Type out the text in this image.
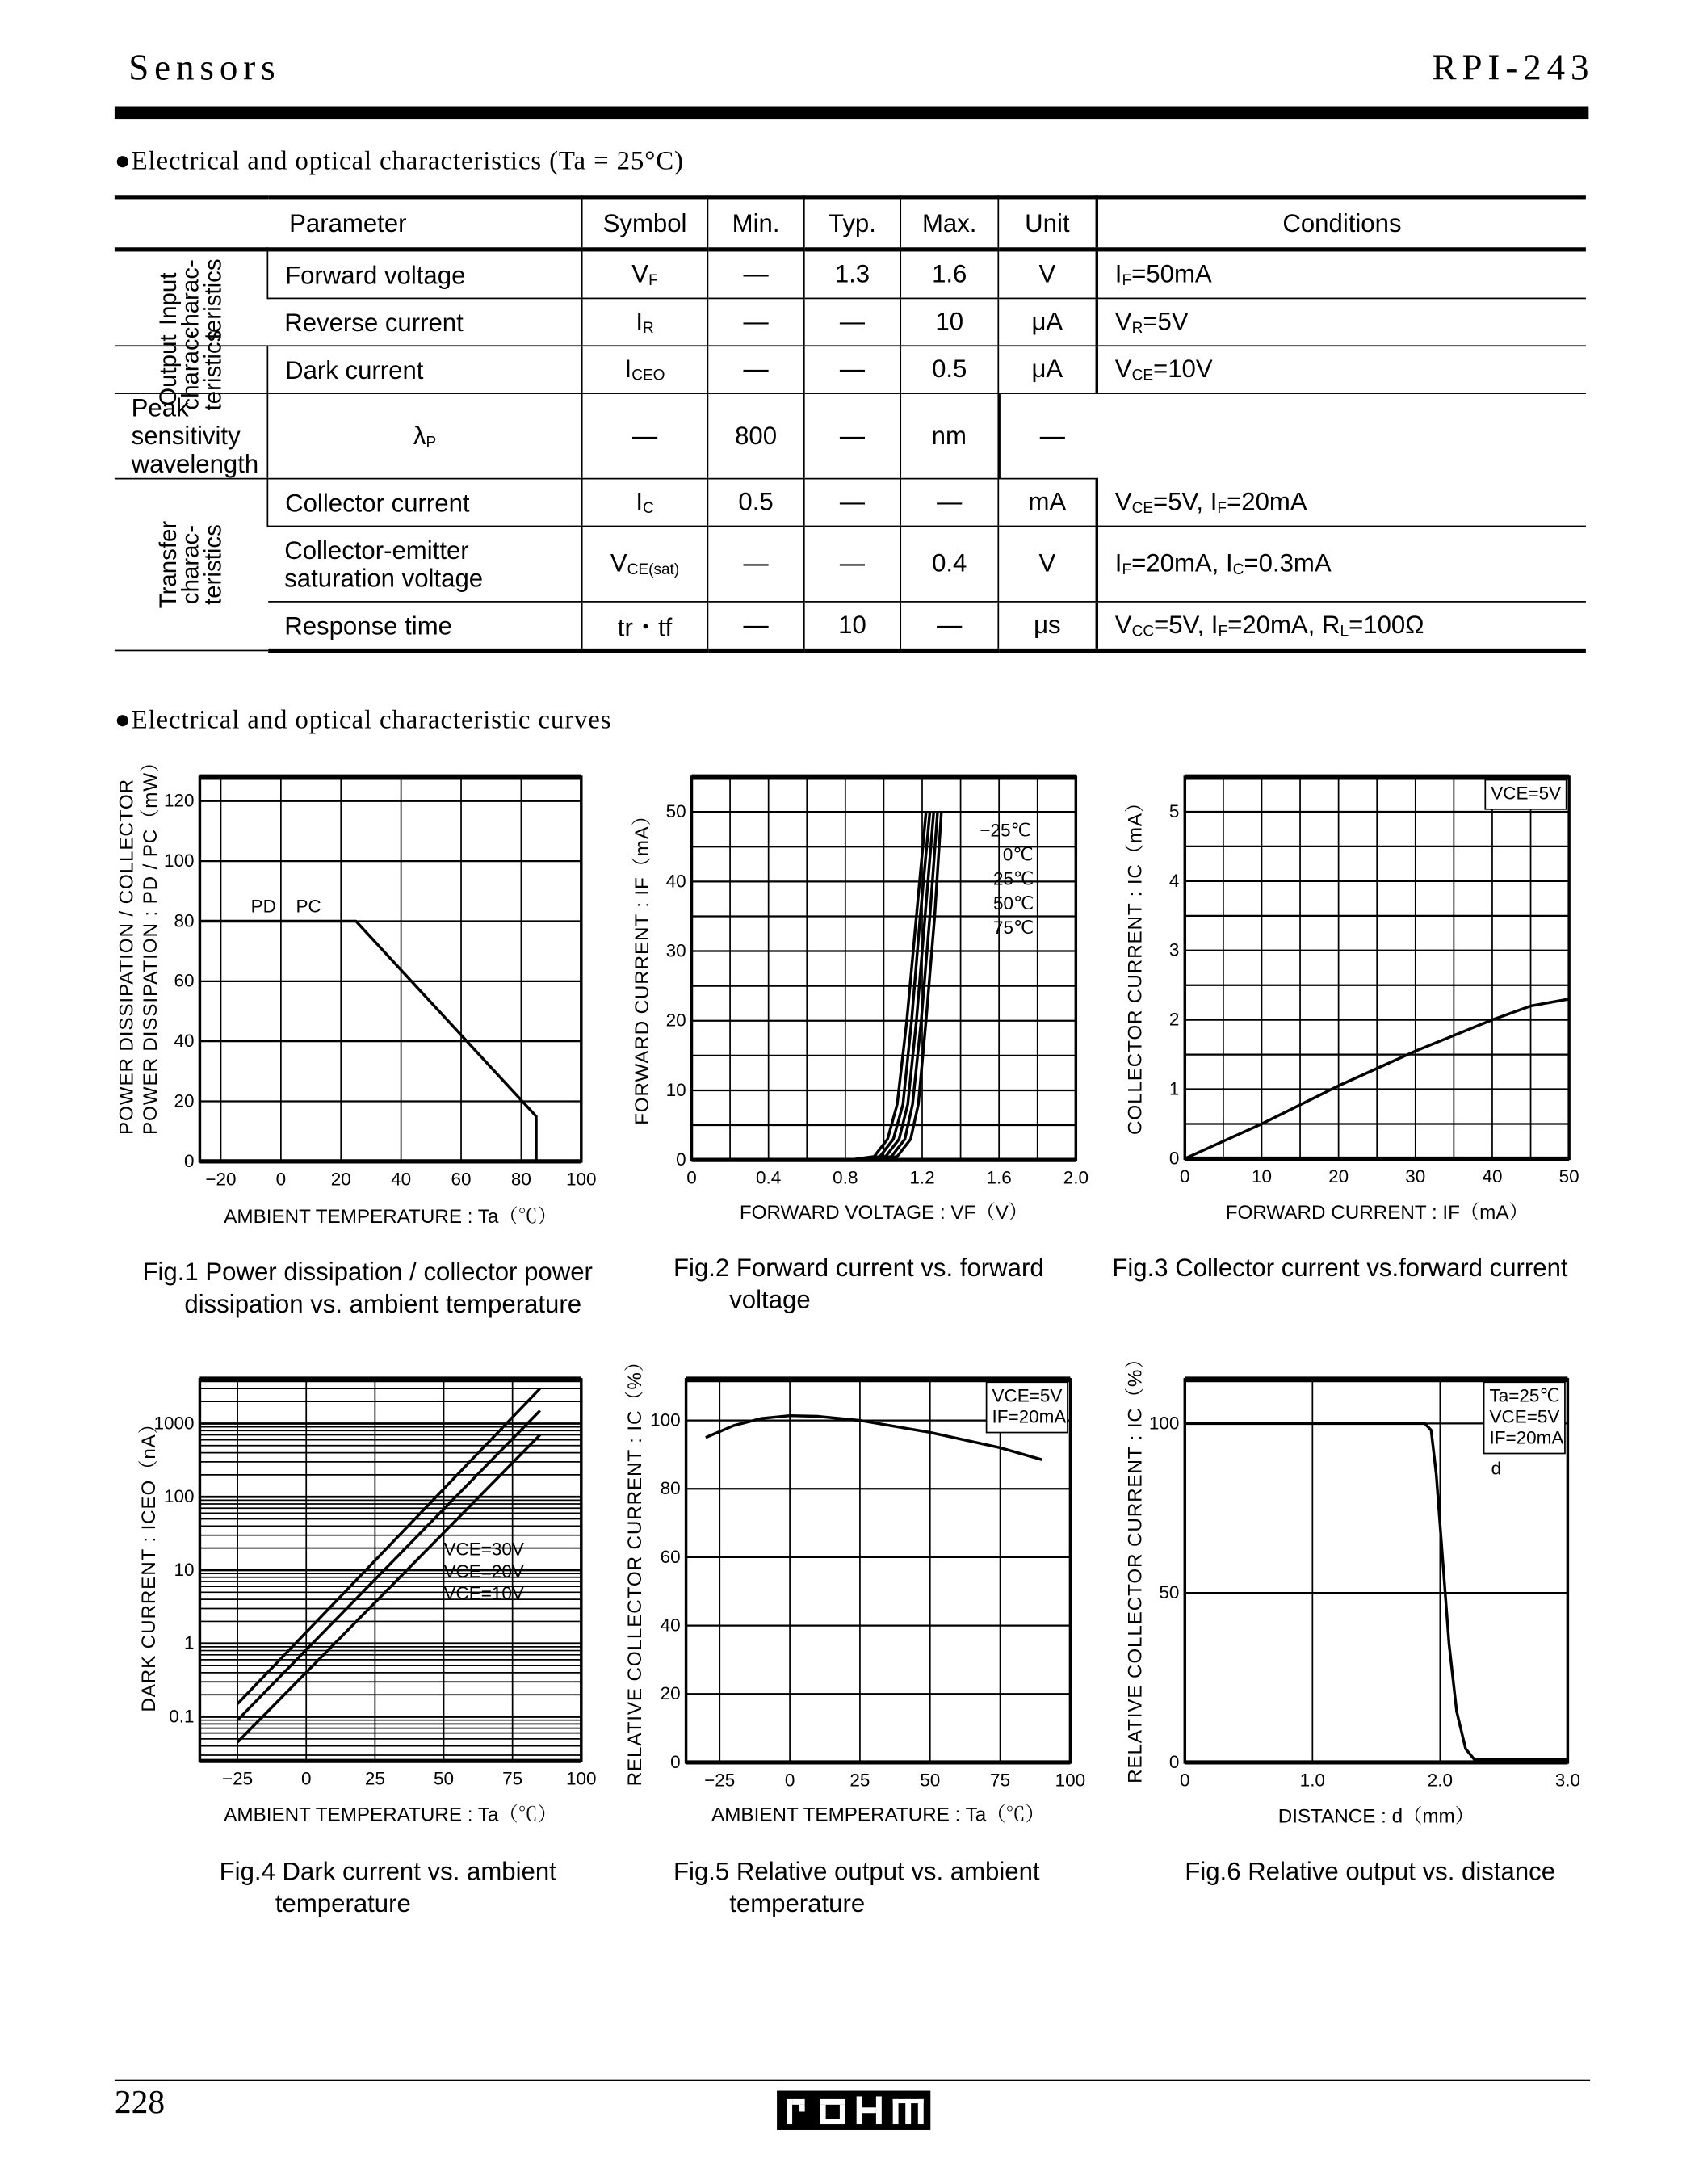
Sensors	RPI-243
●Electrical and optical characteristics (Ta = 25°C)
Parameter		Symbol	Min.	Typ.	Max.	Unit	Conditions

Input
charac-
teristics	Forward voltage	$V_F$	—	1.3	1.6	V	$I_F=50mA$
	Reverse current	$I_R$	—	—	10	μA	$V_R=5V$

Output
charac-
teristics	Dark current	$I_{CEO}$	—	—	0.5	μA	$V_{CE}=10V$
Peak sensitivity wavelength	$\lambda_P$	—	800	—	nm	—	

Transfer
charac-
teristics	Collector current	$I_C$	0.5	—	—	mA	$V_{CE}=5V$, $I_F=20mA$
	Collector-emitter saturation voltage	$V_{CE(sat)}$	—	—	0.4	V	$I_F=20mA$, $I_C=0.3mA$
	Response time	tr・tf	—	10	—	μs	$V_{CC}=5V$, $I_F=20mA$, $R_L=100\Omega$
●Electrical and optical characteristic curves
−20	0	20	40	60	80	100
0
20
40
60
80
100
120
PD PC
POWER DISSIPATION / COLLECTOR POWER DISSIPATION : PD / PC（mW）
AMBIENT TEMPERATURE : Ta（℃）
Fig.1 Power dissipation / collector power
dissipation vs. ambient temperature
0	0.4	0.8	1.2	1.6	2.0
0
10
20
30
40
50
−25℃
0℃
25℃
50℃
75℃
FORWARD CURRENT : IF（mA）
FORWARD VOLTAGE : VF（V）
Fig.2 Forward current vs. forward
voltage
0	10	20	30	40	50
0
1
2
3
4
5
VCE=5V
COLLECTOR CURRENT : IC（mA）
FORWARD CURRENT : IF（mA）
Fig.3 Collector current vs.forward current
−25	0	25	50	75	100
0.1
1
10
100
1000
VCE=30V
VCE=20V
VCE=10V
DARK CURRENT : ICEO（nA）
AMBIENT TEMPERATURE : Ta（℃）
Fig.4 Dark current vs. ambient
temperature
−25	0	25	50	75	100
0
20
40
60
80
100
VCE=5V
IF=20mA
RELATIVE COLLECTOR CURRENT : IC（%）
AMBIENT TEMPERATURE : Ta（℃）
Fig.5 Relative output vs. ambient
temperature
0	1.0	2.0	3.0
0
50
100
d
Ta=25℃
VCE=5V
IF=20mA
RELATIVE COLLECTOR CURRENT : IC（%）
DISTANCE : d（mm）
Fig.6 Relative output vs. distance
228
